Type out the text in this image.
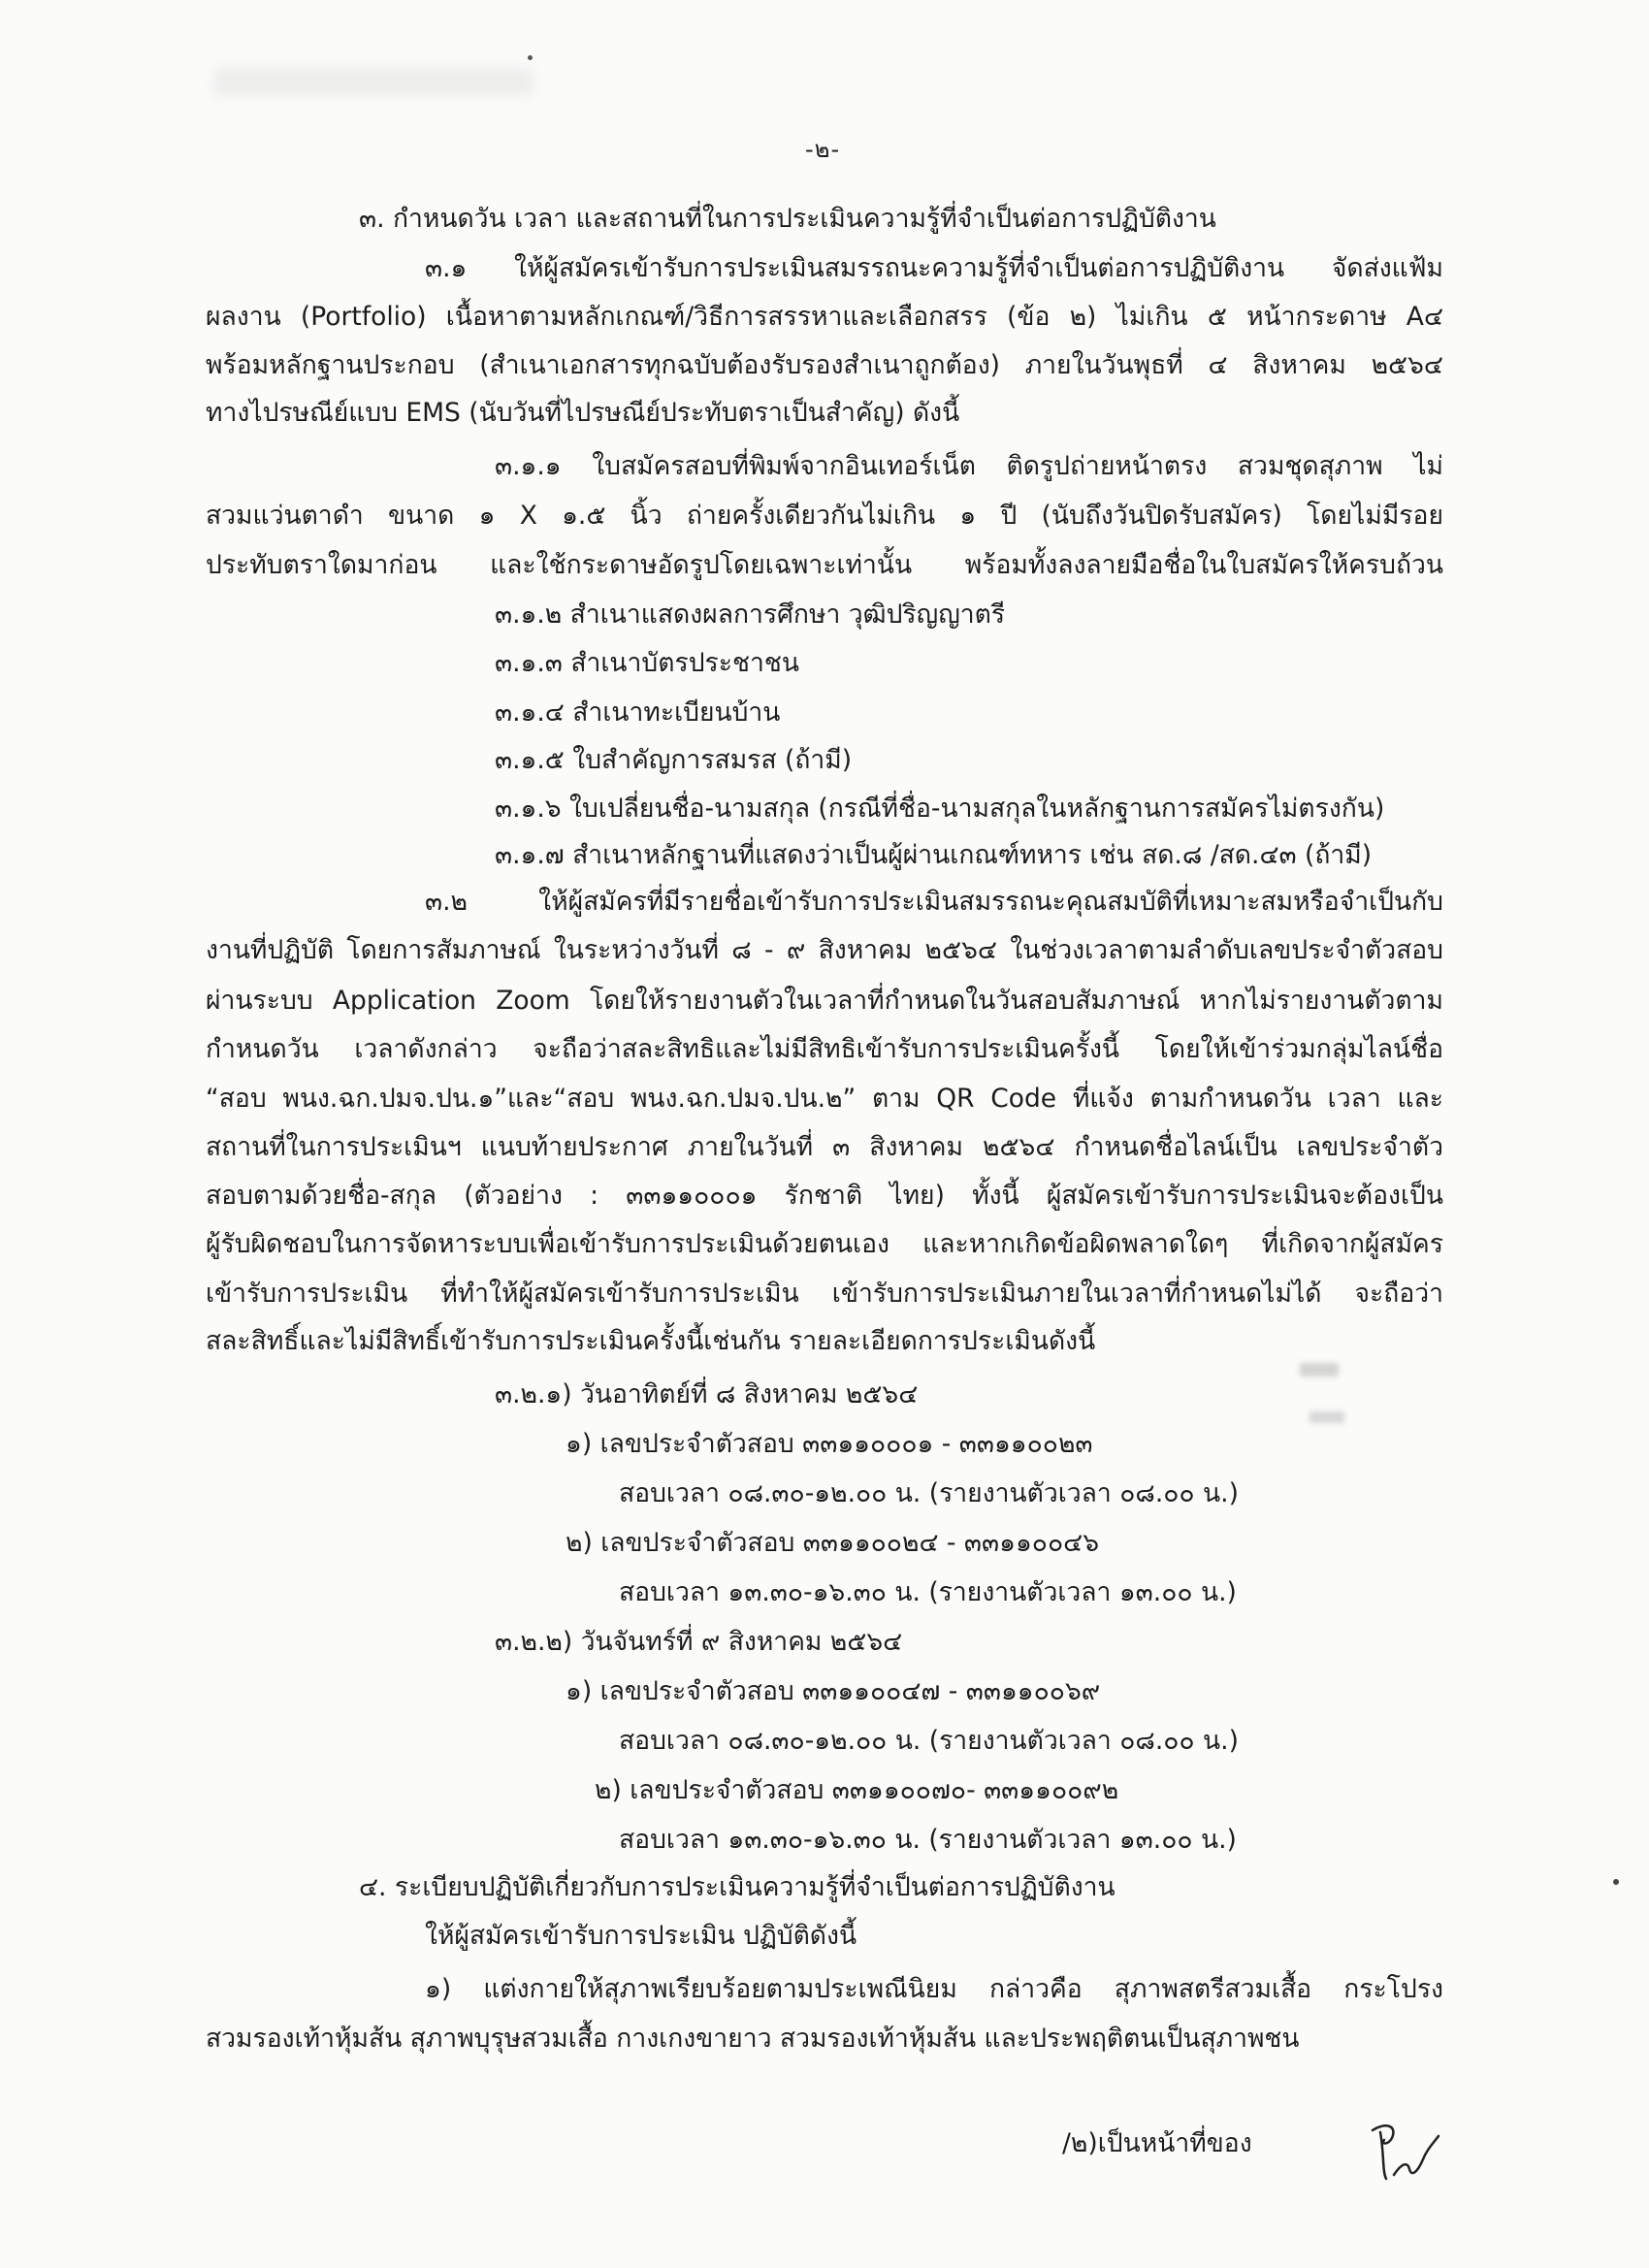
-๒-
๓. กำหนดวัน เวลา และสถานที่ในการประเมินความรู้ที่จำเป็นต่อการปฏิบัติงาน
๓.๑ ให้ผู้สมัครเข้ารับการประเมินสมรรถนะความรู้ที่จำเป็นต่อการปฏิบัติงาน จัดส่งแฟ้ม
ผลงาน (Portfolio) เนื้อหาตามหลักเกณฑ์/วิธีการสรรหาและเลือกสรร (ข้อ ๒) ไม่เกิน ๕ หน้ากระดาษ A๔
พร้อมหลักฐานประกอบ (สำเนาเอกสารทุกฉบับต้องรับรองสำเนาถูกต้อง) ภายในวันพุธที่ ๔ สิงหาคม ๒๕๖๔
ทางไปรษณีย์แบบ EMS (นับวันที่ไปรษณีย์ประทับตราเป็นสำคัญ) ดังนี้
๓.๑.๑ ใบสมัครสอบที่พิมพ์จากอินเทอร์เน็ต ติดรูปถ่ายหน้าตรง สวมชุดสุภาพ ไม่
สวมแว่นตาดำ ขนาด ๑ X ๑.๕ นิ้ว ถ่ายครั้งเดียวกันไม่เกิน ๑ ปี (นับถึงวันปิดรับสมัคร) โดยไม่มีรอย
ประทับตราใดมาก่อน และใช้กระดาษอัดรูปโดยเฉพาะเท่านั้น พร้อมทั้งลงลายมือชื่อในใบสมัครให้ครบถ้วน
๓.๑.๒ สำเนาแสดงผลการศึกษา วุฒิปริญญาตรี
๓.๑.๓ สำเนาบัตรประชาชน
๓.๑.๔ สำเนาทะเบียนบ้าน
๓.๑.๕ ใบสำคัญการสมรส (ถ้ามี)
๓.๑.๖ ใบเปลี่ยนชื่อ-นามสกุล (กรณีที่ชื่อ-นามสกุลในหลักฐานการสมัครไม่ตรงกัน)
๓.๑.๗ สำเนาหลักฐานที่แสดงว่าเป็นผู้ผ่านเกณฑ์ทหาร เช่น สด.๘ /สด.๔๓ (ถ้ามี)
๓.๒ ให้ผู้สมัครที่มีรายชื่อเข้ารับการประเมินสมรรถนะคุณสมบัติที่เหมาะสมหรือจำเป็นกับ
งานที่ปฏิบัติ โดยการสัมภาษณ์ ในระหว่างวันที่ ๘ - ๙ สิงหาคม ๒๕๖๔ ในช่วงเวลาตามลำดับเลขประจำตัวสอบ
ผ่านระบบ Application Zoom โดยให้รายงานตัวในเวลาที่กำหนดในวันสอบสัมภาษณ์ หากไม่รายงานตัวตาม
กำหนดวัน เวลาดังกล่าว จะถือว่าสละสิทธิและไม่มีสิทธิเข้ารับการประเมินครั้งนี้ โดยให้เข้าร่วมกลุ่มไลน์ชื่อ
“สอบ พนง.ฉก.ปมจ.ปน.๑”และ“สอบ พนง.ฉก.ปมจ.ปน.๒” ตาม QR Code ที่แจ้ง ตามกำหนดวัน เวลา และ
สถานที่ในการประเมินฯ แนบท้ายประกาศ ภายในวันที่ ๓ สิงหาคม ๒๕๖๔ กำหนดชื่อไลน์เป็น เลขประจำตัว
สอบตามด้วยชื่อ-สกุล (ตัวอย่าง : ๓๓๑๑๐๐๐๑ รักชาติ ไทย) ทั้งนี้ ผู้สมัครเข้ารับการประเมินจะต้องเป็น
ผู้รับผิดชอบในการจัดหาระบบเพื่อเข้ารับการประเมินด้วยตนเอง และหากเกิดข้อผิดพลาดใดๆ ที่เกิดจากผู้สมัคร
เข้ารับการประเมิน ที่ทำให้ผู้สมัครเข้ารับการประเมิน เข้ารับการประเมินภายในเวลาที่กำหนดไม่ได้ จะถือว่า
สละสิทธิ์และไม่มีสิทธิ์เข้ารับการประเมินครั้งนี้เช่นกัน รายละเอียดการประเมินดังนี้
๓.๒.๑) วันอาทิตย์ที่ ๘ สิงหาคม ๒๕๖๔
๑) เลขประจำตัวสอบ ๓๓๑๑๐๐๐๑ - ๓๓๑๑๐๐๒๓
สอบเวลา ๐๘.๓๐-๑๒.๐๐ น. (รายงานตัวเวลา ๐๘.๐๐ น.)
๒) เลขประจำตัวสอบ ๓๓๑๑๐๐๒๔ - ๓๓๑๑๐๐๔๖
สอบเวลา ๑๓.๓๐-๑๖.๓๐ น. (รายงานตัวเวลา ๑๓.๐๐ น.)
๓.๒.๒) วันจันทร์ที่ ๙ สิงหาคม ๒๕๖๔
๑) เลขประจำตัวสอบ ๓๓๑๑๐๐๔๗ - ๓๓๑๑๐๐๖๙
สอบเวลา ๐๘.๓๐-๑๒.๐๐ น. (รายงานตัวเวลา ๐๘.๐๐ น.)
๒) เลขประจำตัวสอบ ๓๓๑๑๐๐๗๐- ๓๓๑๑๐๐๙๒
สอบเวลา ๑๓.๓๐-๑๖.๓๐ น. (รายงานตัวเวลา ๑๓.๐๐ น.)
๔. ระเบียบปฏิบัติเกี่ยวกับการประเมินความรู้ที่จำเป็นต่อการปฏิบัติงาน
ให้ผู้สมัครเข้ารับการประเมิน ปฏิบัติดังนี้
๑) แต่งกายให้สุภาพเรียบร้อยตามประเพณีนิยม กล่าวคือ สุภาพสตรีสวมเสื้อ กระโปรง
สวมรองเท้าหุ้มส้น สุภาพบุรุษสวมเสื้อ กางเกงขายาว สวมรองเท้าหุ้มส้น และประพฤติตนเป็นสุภาพชน
/๒)เป็นหน้าที่ของ
